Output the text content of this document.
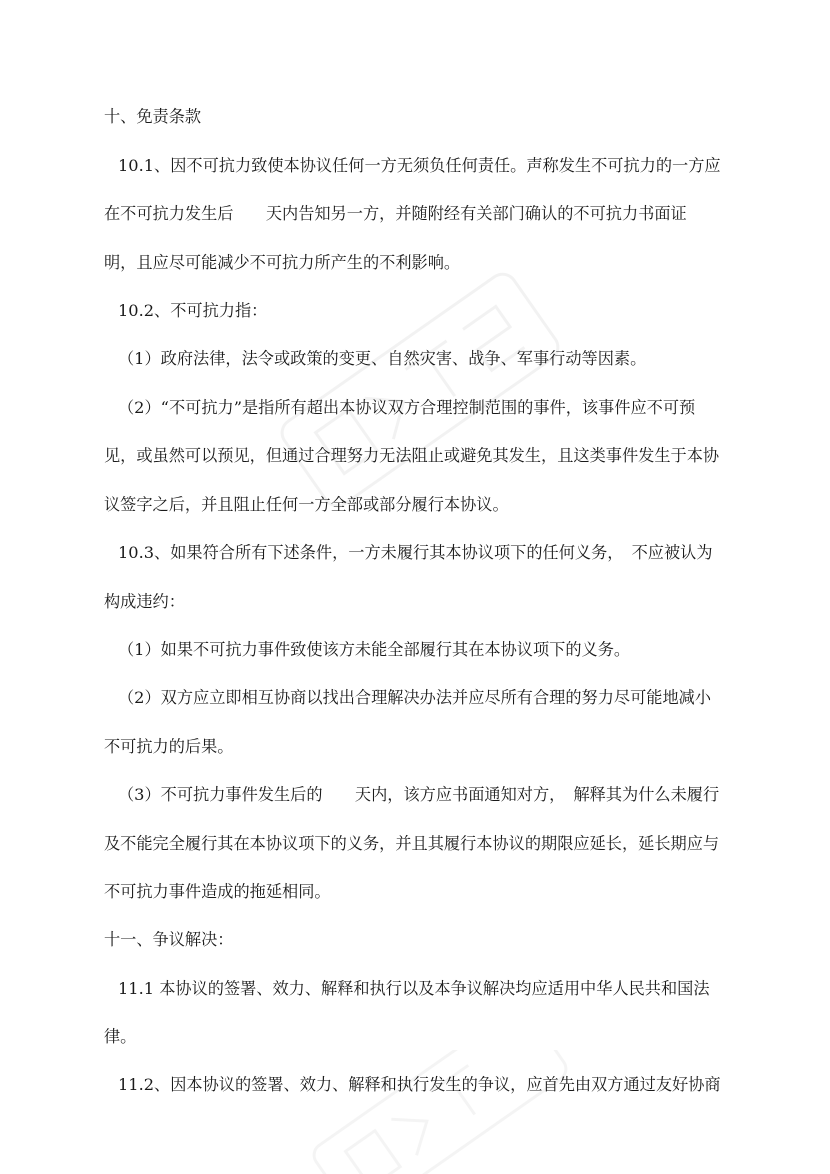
十、免责条款
10.1、因不可抗力致使本协议任何一方无须负任何责任。声称发生不可抗力的一方应
在不可抗力发生后　　天内告知另一方，并随附经有关部门确认的不可抗力书面证
明，且应尽可能减少不可抗力所产生的不利影响。
10.2、不可抗力指：
（1）政府法律，法令或政策的变更、自然灾害、战争、军事行动等因素。
（2）“不可抗力”是指所有超出本协议双方合理控制范围的事件，该事件应不可预
见，或虽然可以预见，但通过合理努力无法阻止或避免其发生，且这类事件发生于本协
议签字之后，并且阻止任何一方全部或部分履行本协议。
10.3、如果符合所有下述条件，一方未履行其本协议项下的任何义务，　不应被认为
构成违约：
（1）如果不可抗力事件致使该方未能全部履行其在本协议项下的义务。
（2）双方应立即相互协商以找出合理解决办法并应尽所有合理的努力尽可能地减小
不可抗力的后果。
（3）不可抗力事件发生后的　　天内，该方应书面通知对方，　解释其为什么未履行
及不能完全履行其在本协议项下的义务，并且其履行本协议的期限应延长，延长期应与
不可抗力事件造成的拖延相同。
十一、争议解决：
11.1 本协议的签署、效力、解释和执行以及本争议解决均应适用中华人民共和国法
律。
11.2、因本协议的签署、效力、解释和执行发生的争议，应首先由双方通过友好协商
